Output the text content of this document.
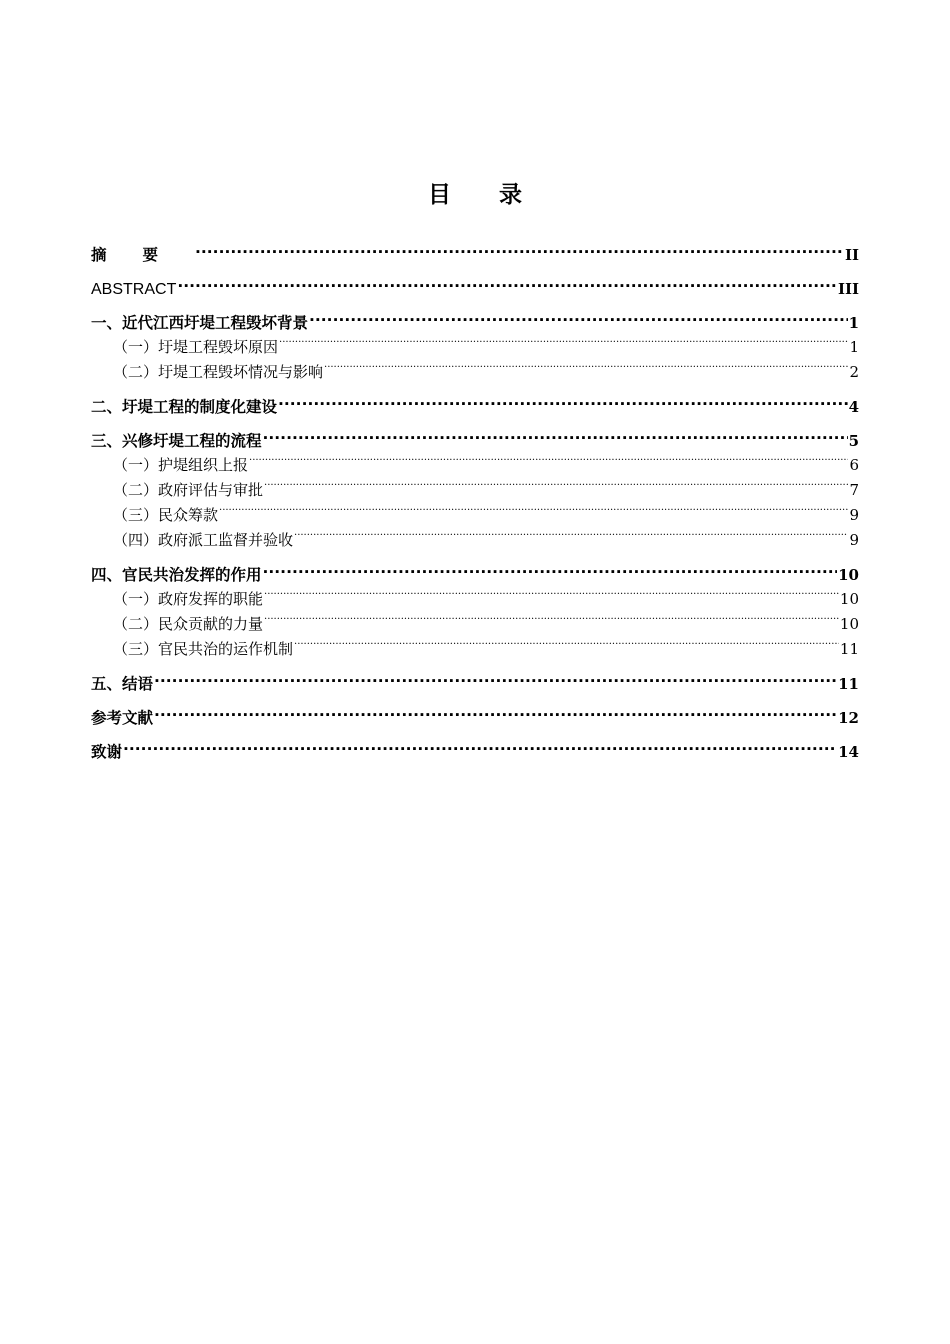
目录
摘要 .....	II
ABSTRACT .....	III
一、近代江西圩堤工程毁坏背景 .....	1
（一）圩堤工程毁坏原因 .....	1
（二）圩堤工程毁坏情况与影响 .....	2
二、圩堤工程的制度化建设 .....	4
三、兴修圩堤工程的流程 .....	5
（一）护堤组织上报 .....	6
（二）政府评估与审批 .....	7
（三）民众筹款 .....	9
（四）政府派工监督并验收 .....	9
四、官民共治发挥的作用 .....	10
（一）政府发挥的职能 .....	10
（二）民众贡献的力量 .....	10
（三）官民共治的运作机制 .....	11
五、结语 .....	11
参考文献 .....	12
致谢 .....	14
